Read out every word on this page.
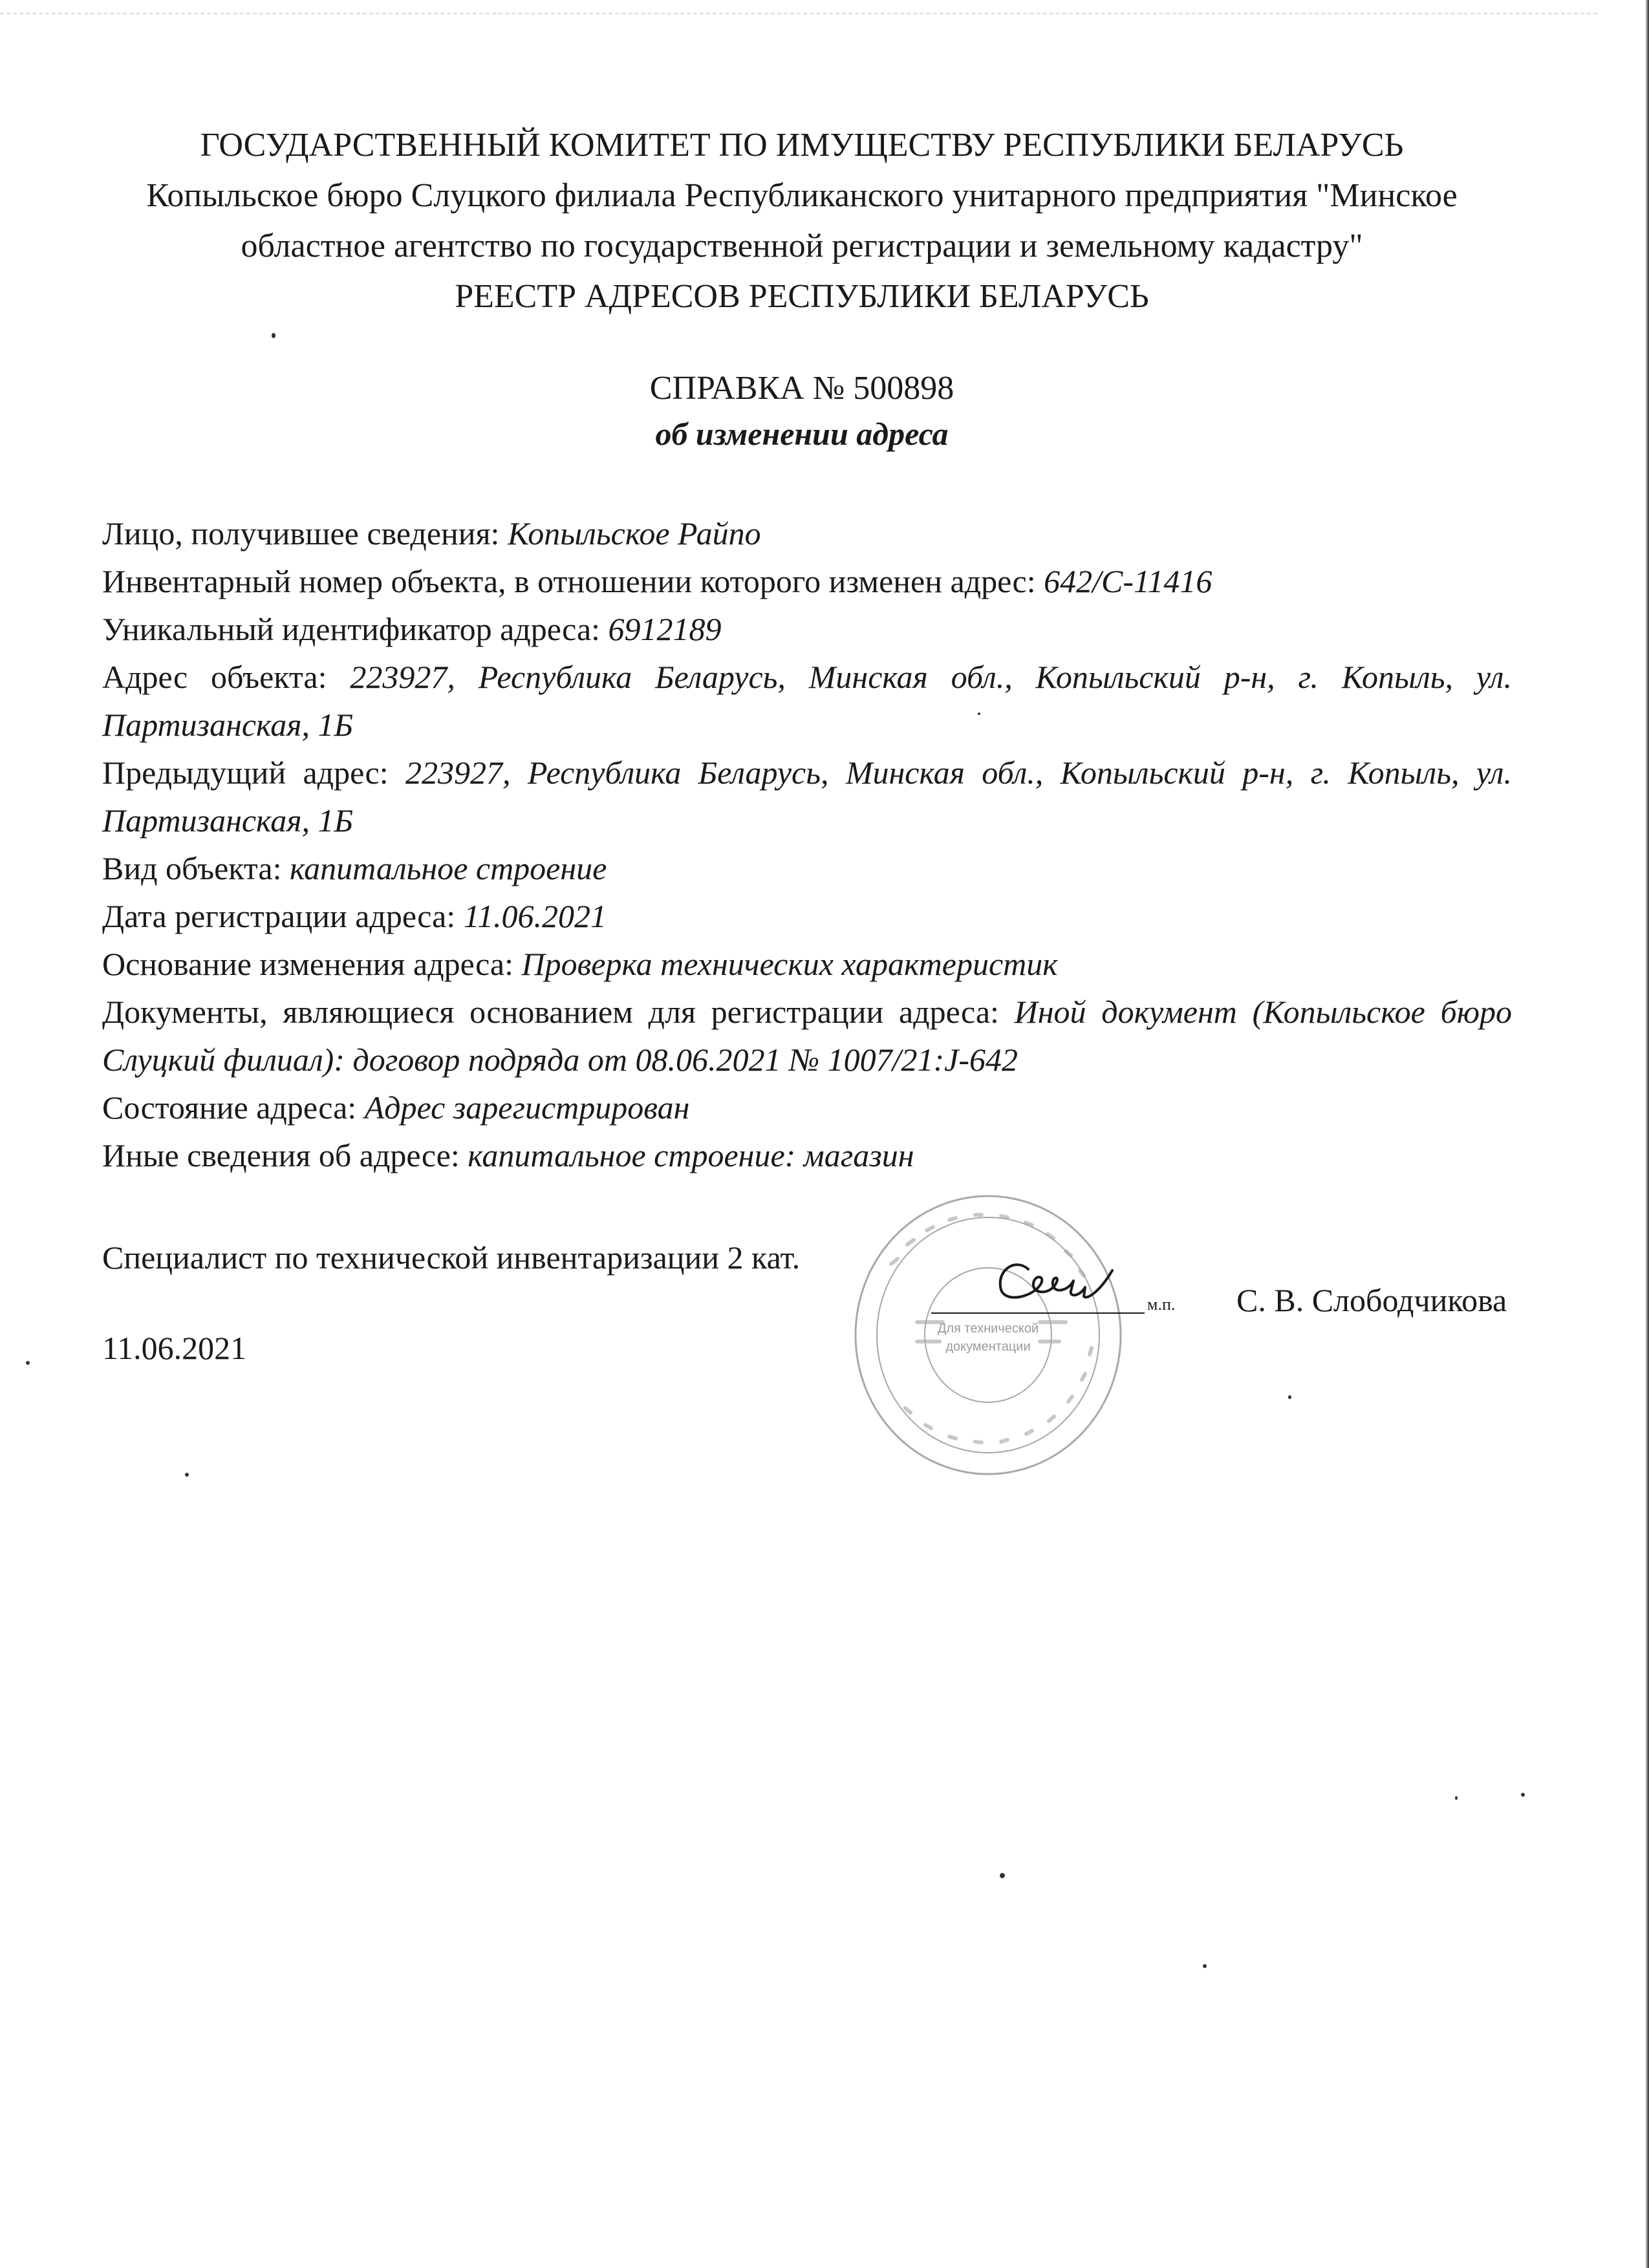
ГОСУДАРСТВЕННЫЙ КОМИТЕТ ПО ИМУЩЕСТВУ РЕСПУБЛИКИ БЕЛАРУСЬ
Копыльское бюро Слуцкого филиала Республиканского унитарного предприятия "Минское
областное агентство по государственной регистрации и земельному кадастру"
РЕЕСТР АДРЕСОВ РЕСПУБЛИКИ БЕЛАРУСЬ
СПРАВКА № 500898
об изменении адреса
Лицо, получившее сведения: Копыльское Райпо
Инвентарный номер объекта, в отношении которого изменен адрес: 642/С-11416
Уникальный идентификатор адреса: 6912189
Адрес объекта: 223927, Республика Беларусь, Минская обл., Копыльский р-н, г. Копыль, ул. Партизанская, 1Б
Предыдущий адрес: 223927, Республика Беларусь, Минская обл., Копыльский р-н, г. Копыль, ул. Партизанская, 1Б
Вид объекта: капитальное строение
Дата регистрации адреса: 11.06.2021
Основание изменения адреса: Проверка технических характеристик
Документы, являющиеся основанием для регистрации адреса: Иной документ (Копыльское бюро Слуцкий филиал): договор подряда от 08.06.2021 № 1007/21:J-642
Состояние адреса: Адрес зарегистрирован
Иные сведения об адресе: капитальное строение: магазин
Для технической
документации
Специалист по технической инвентаризации 2 кат.
м.п. С. В. Слободчикова
11.06.2021
